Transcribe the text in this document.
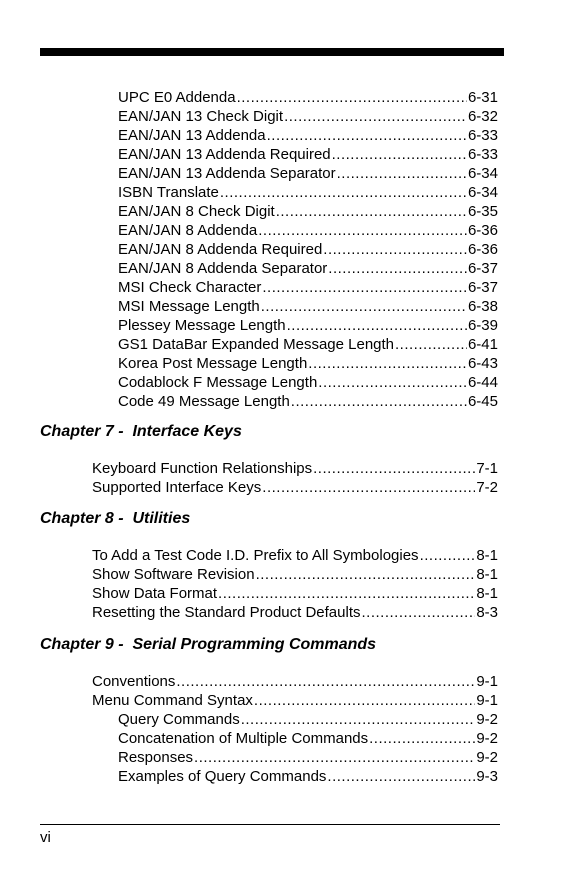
UPC E0 Addenda .....	6-31
EAN/JAN 13 Check Digit .....	6-32
EAN/JAN 13 Addenda .....	6-33
EAN/JAN 13 Addenda Required .....	6-33
EAN/JAN 13 Addenda Separator .....	6-34
ISBN Translate .....	6-34
EAN/JAN 8 Check Digit .....	6-35
EAN/JAN 8 Addenda .....	6-36
EAN/JAN 8 Addenda Required .....	6-36
EAN/JAN 8 Addenda Separator .....	6-37
MSI Check Character .....	6-37
MSI Message Length .....	6-38
Plessey Message Length .....	6-39
GS1 DataBar Expanded Message Length .....	6-41
Korea Post Message Length .....	6-43
Codablock F Message Length .....	6-44
Code 49 Message Length .....	6-45
Chapter 7 -  Interface Keys
Keyboard Function Relationships .....	7-1
Supported Interface Keys .....	7-2
Chapter 8 -  Utilities
To Add a Test Code I.D. Prefix to All Symbologies .....	8-1
Show Software Revision .....	8-1
Show Data Format .....	8-1
Resetting the Standard Product Defaults .....	8-3
Chapter 9 -  Serial Programming Commands
Conventions .....	9-1
Menu Command Syntax .....	9-1
Query Commands .....	9-2
Concatenation of Multiple Commands .....	9-2
Responses .....	9-2
Examples of Query Commands .....	9-3
vi
